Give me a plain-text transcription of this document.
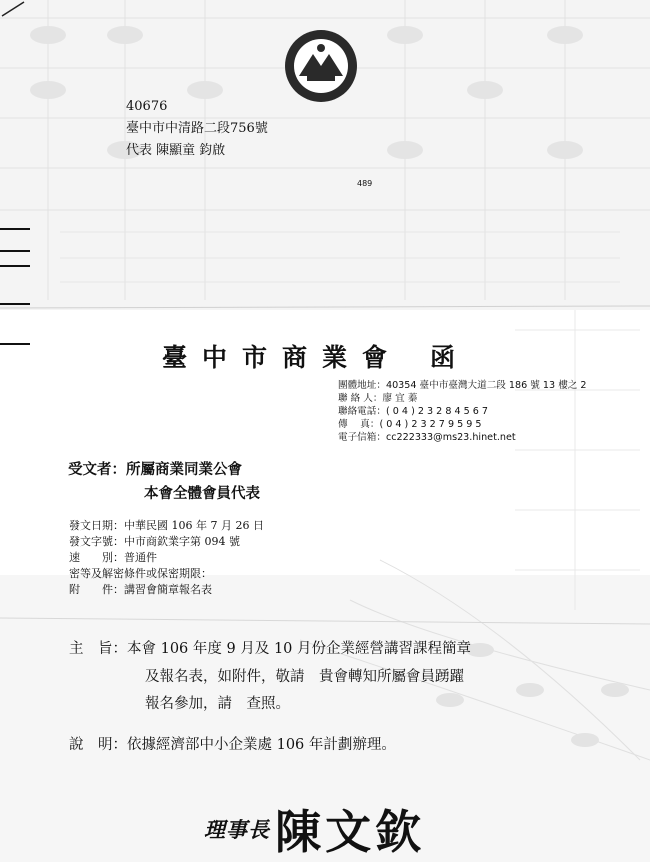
40676
臺中市中清路二段756號
代表 陳顯童 鈞啟
489
臺中市商業會 函
團體地址： 40354 臺中市臺灣大道二段 186 號 13 樓之 2
聯 絡 人： 廖 宜 蓁
聯絡電話： ( 0 4 ) 2 3 2 8 4 5 6 7
傳　 真： ( 0 4 ) 2 3 2 7 9 5 9 5
電子信箱： cc222333@ms23.hinet.net
受文者：所屬商業同業公會
本會全體會員代表
發文日期：中華民國 106 年 7 月 26 日
發文字號：中市商欽業字第 094 號
速　　別：普通件
密等及解密條件或保密期限：
附　　件：講習會簡章報名表
主　旨：本會 106 年度 9 月及 10 月份企業經營講習課程簡章
及報名表，如附件，敬請　貴會轉知所屬會員踴躍
報名參加，請　查照。
說　明：依據經濟部中小企業處 106 年計劃辦理。
理事長 陳文欽
